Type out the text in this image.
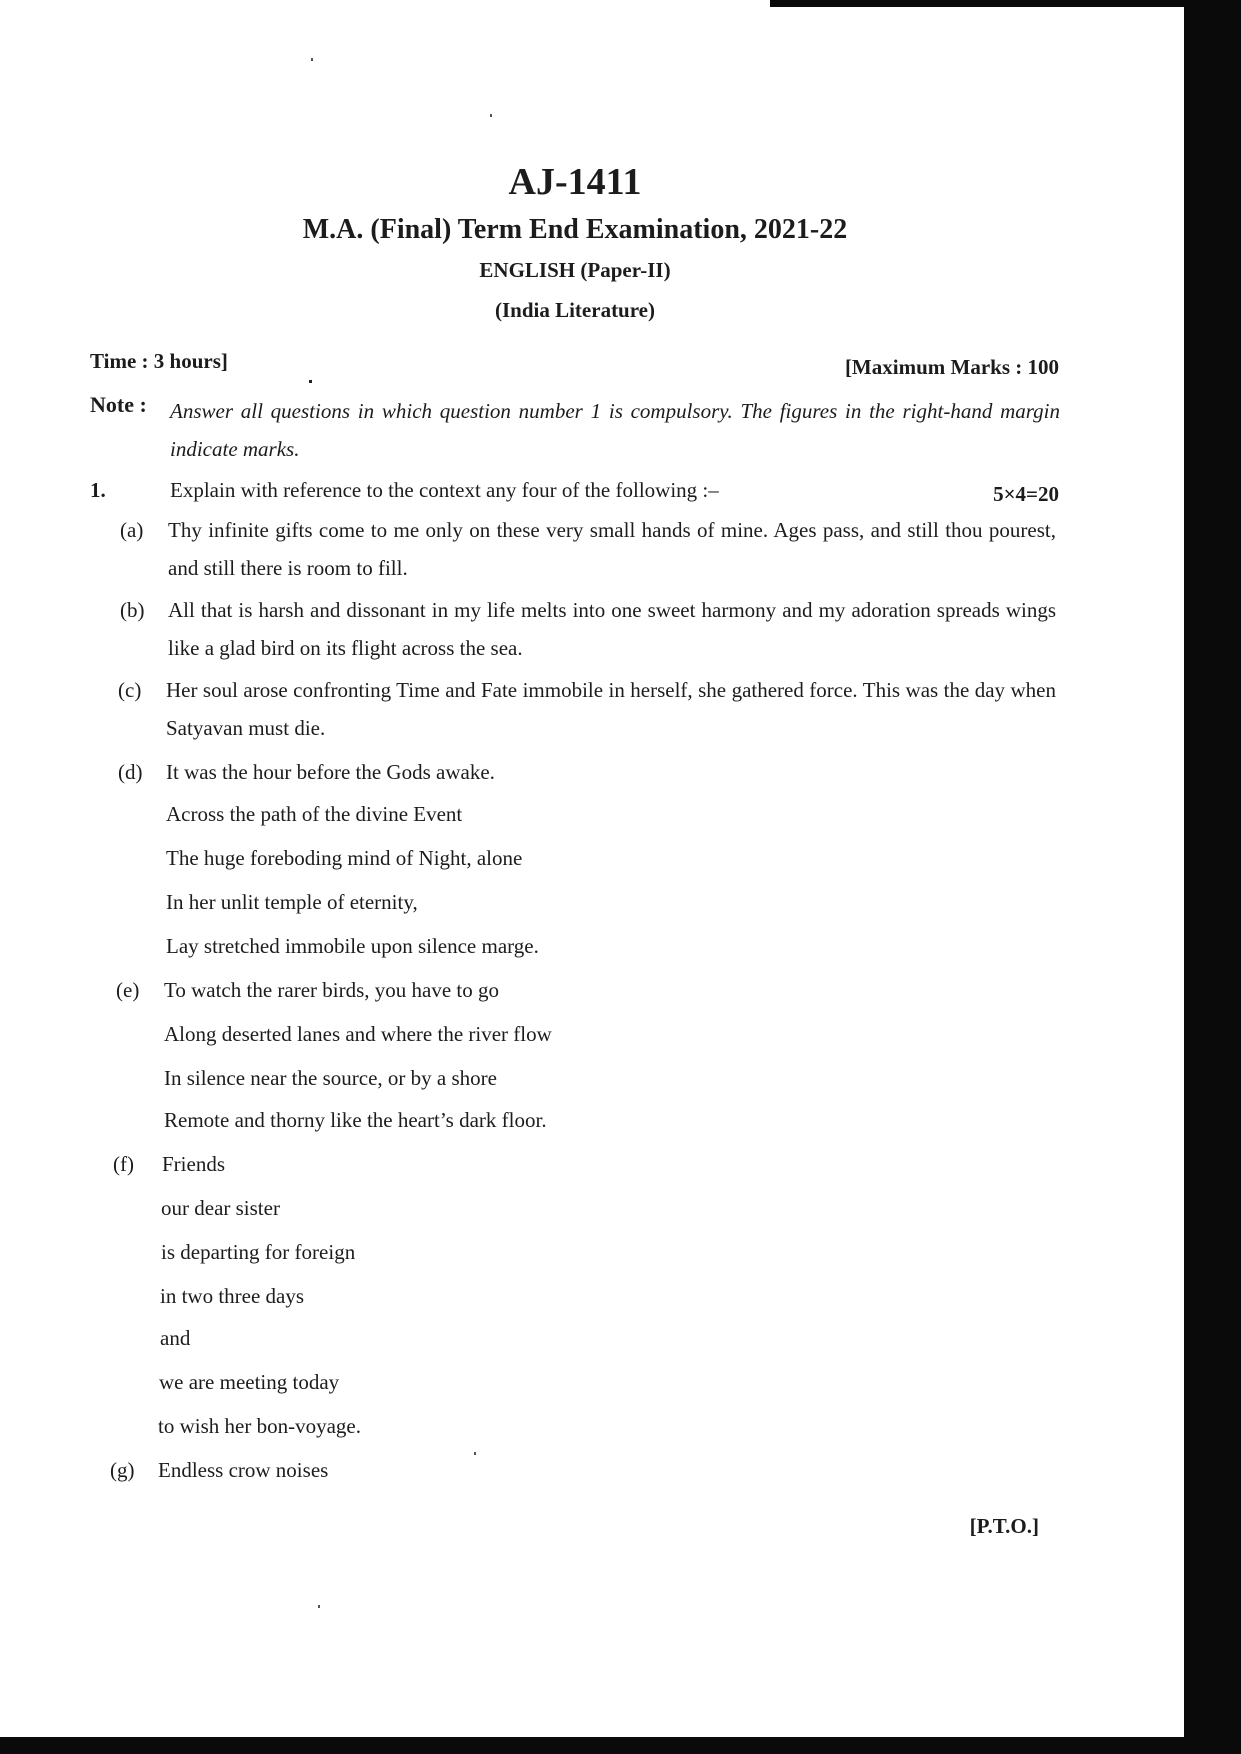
AJ-1411
M.A. (Final) Term End Examination, 2021-22
ENGLISH (Paper-II)
(India Literature)
Time : 3 hours]	[Maximum Marks : 100
Note : Answer all questions in which question number 1 is compulsory. The figures in the right-hand margin indicate marks.
1.	Explain with reference to the context any four of the following :–	5×4=20
(a) Thy infinite gifts come to me only on these very small hands of mine. Ages pass, and still thou pourest, and still there is room to fill.
(b) All that is harsh and dissonant in my life melts into one sweet harmony and my adoration spreads wings like a glad bird on its flight across the sea.
(c) Her soul arose confronting Time and Fate immobile in herself, she gathered force. This was the day when Satyavan must die.
(d) It was the hour before the Gods awake.
Across the path of the divine Event
The huge foreboding mind of Night, alone
In her unlit temple of eternity,
Lay stretched immobile upon silence marge.
(e) To watch the rarer birds, you have to go
Along deserted lanes and where the river flow
In silence near the source, or by a shore
Remote and thorny like the heart’s dark floor.
(f) Friends
our dear sister
is departing for foreign
in two three days
and
we are meeting today
to wish her bon-voyage.
(g) Endless crow noises
[P.T.O.]
